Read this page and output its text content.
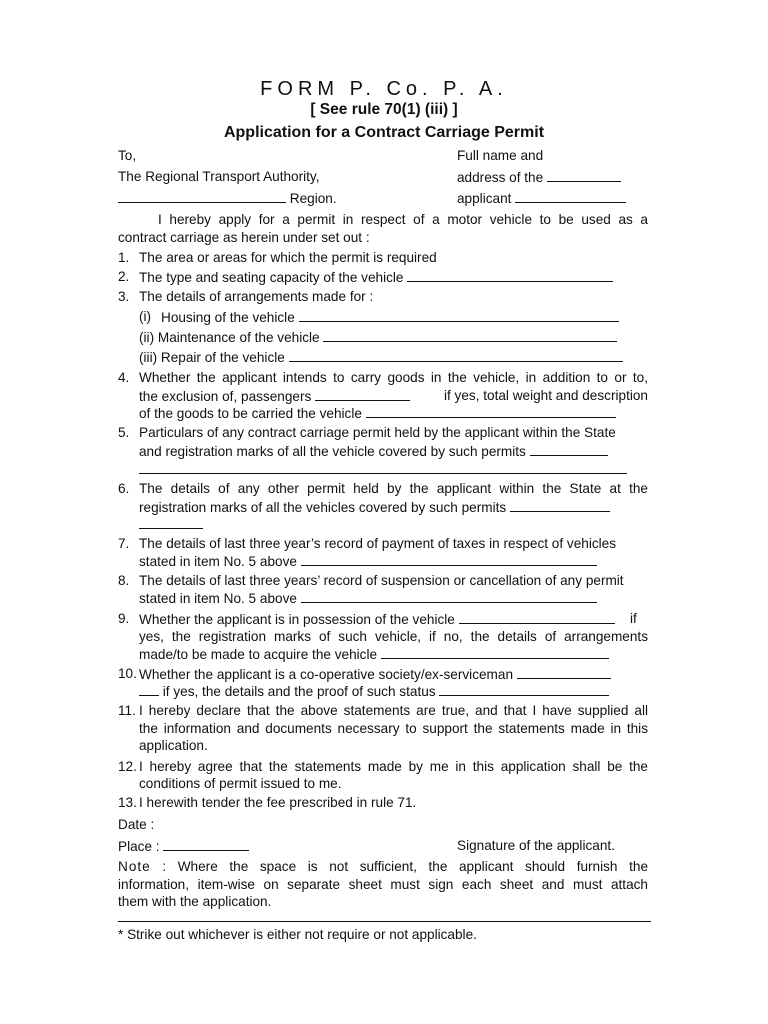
FORM P. Co. P. A.
[ See rule 70(1) (iii) ]
Application for a Contract Carriage Permit
To,
The Regional Transport Authority,
Region.
Full name and
address of the
applicant
I hereby apply for a permit in respect of a motor vehicle to be used as a
contract carriage as herein under set out :
1. The area or areas for which the permit is required
2. The type and seating capacity of the vehicle
3. The details of arrangements made for :
(i) Housing of the vehicle
(ii) Maintenance of the vehicle
(iii) Repair of the vehicle
4. Whether the applicant intends to carry goods in the vehicle, in addition to or to,
the exclusion of, passengers	if yes, total weight and description
of the goods to be carried the vehicle
5. Particulars of any contract carriage permit held by the applicant within the State
and registration marks of all the vehicle covered by such permits
6. The details of any other permit held by the applicant within the State at the
registration marks of all the vehicles covered by such permits
7. The details of last three year’s record of payment of taxes in respect of vehicles
stated in item No. 5 above
8. The details of last three years’ record of suspension or cancellation of any permit
stated in item No. 5 above
9. Whether the applicant is in possession of the vehicle	if
yes, the registration marks of such vehicle, if no, the details of arrangements
made/to be made to acquire the vehicle
10. Whether the applicant is a co-operative society/ex-serviceman
if yes, the details and the proof of such status
11. I hereby declare that the above statements are true, and that I have supplied all
the information and documents necessary to support the statements made in this
application.
12. I hereby agree that the statements made by me in this application shall be the
conditions of permit issued to me.
13. I herewith tender the fee prescribed in rule 71.
Date :
Place :	Signature of the applicant.
Note : Where the space is not sufficient, the applicant should furnish the
information, item-wise on separate sheet must sign each sheet and must attach
them with the application.
* Strike out whichever is either not require or not applicable.
